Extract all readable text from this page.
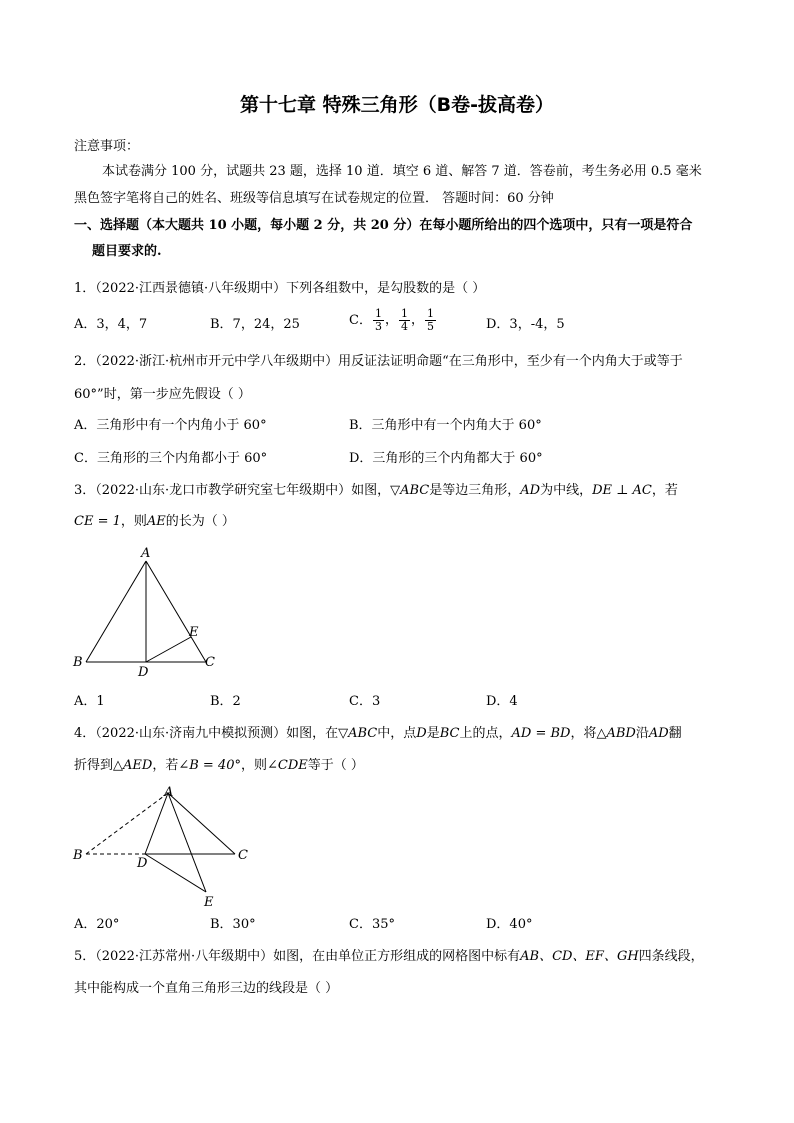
第十七章 特殊三角形（B卷-拔高卷）
注意事项：
本试卷满分 100 分，试题共 23 题，选择 10 道．填空 6 道、解答 7 道．答卷前，考生务必用 0.5 毫米
黑色签字笔将自己的姓名、班级等信息填写在试卷规定的位置． 答题时间：60 分钟
一、选择题（本大题共 10 小题，每小题 2 分，共 20 分）在每小题所给出的四个选项中，只有一项是符合
题目要求的.
1．（2022·江西景德镇·八年级期中）下列各组数中，是勾股数的是（ ）
A．3，4，7	B．7，24，25	C． $\frac{1}{3}$ ， $\frac{1}{4}$ ， $\frac{1}{5}$	D．3，-4，5
2．（2022·浙江·杭州市开元中学八年级期中）用反证法证明命题“在三角形中，至少有一个内角大于或等于
60°”时，第一步应先假设（ ）
A．三角形中有一个内角小于 60°	B．三角形中有一个内角大于 60°
C．三角形的三个内角都小于 60°	D．三角形的三个内角都大于 60°
3．（2022·山东·龙口市教学研究室七年级期中）如图，▽ABC是等边三角形，AD为中线，DE ⊥ AC，若
CE = 1，则AE的长为（ ）
A
B	C
D
E
A．1	B．2	C．3	D．4
4．（2022·山东·济南九中模拟预测）如图，在▽ABC中，点D是BC上的点，AD = BD，将△ABD沿AD翻
折得到△AED，若∠B = 40°，则∠CDE等于（ ）
A
B	C
D
E
A．20°	B．30°	C．35°	D．40°
5．（2022·江苏常州·八年级期中）如图，在由单位正方形组成的网格图中标有AB、CD、EF、GH四条线段，
其中能构成一个直角三角形三边的线段是（ ）
